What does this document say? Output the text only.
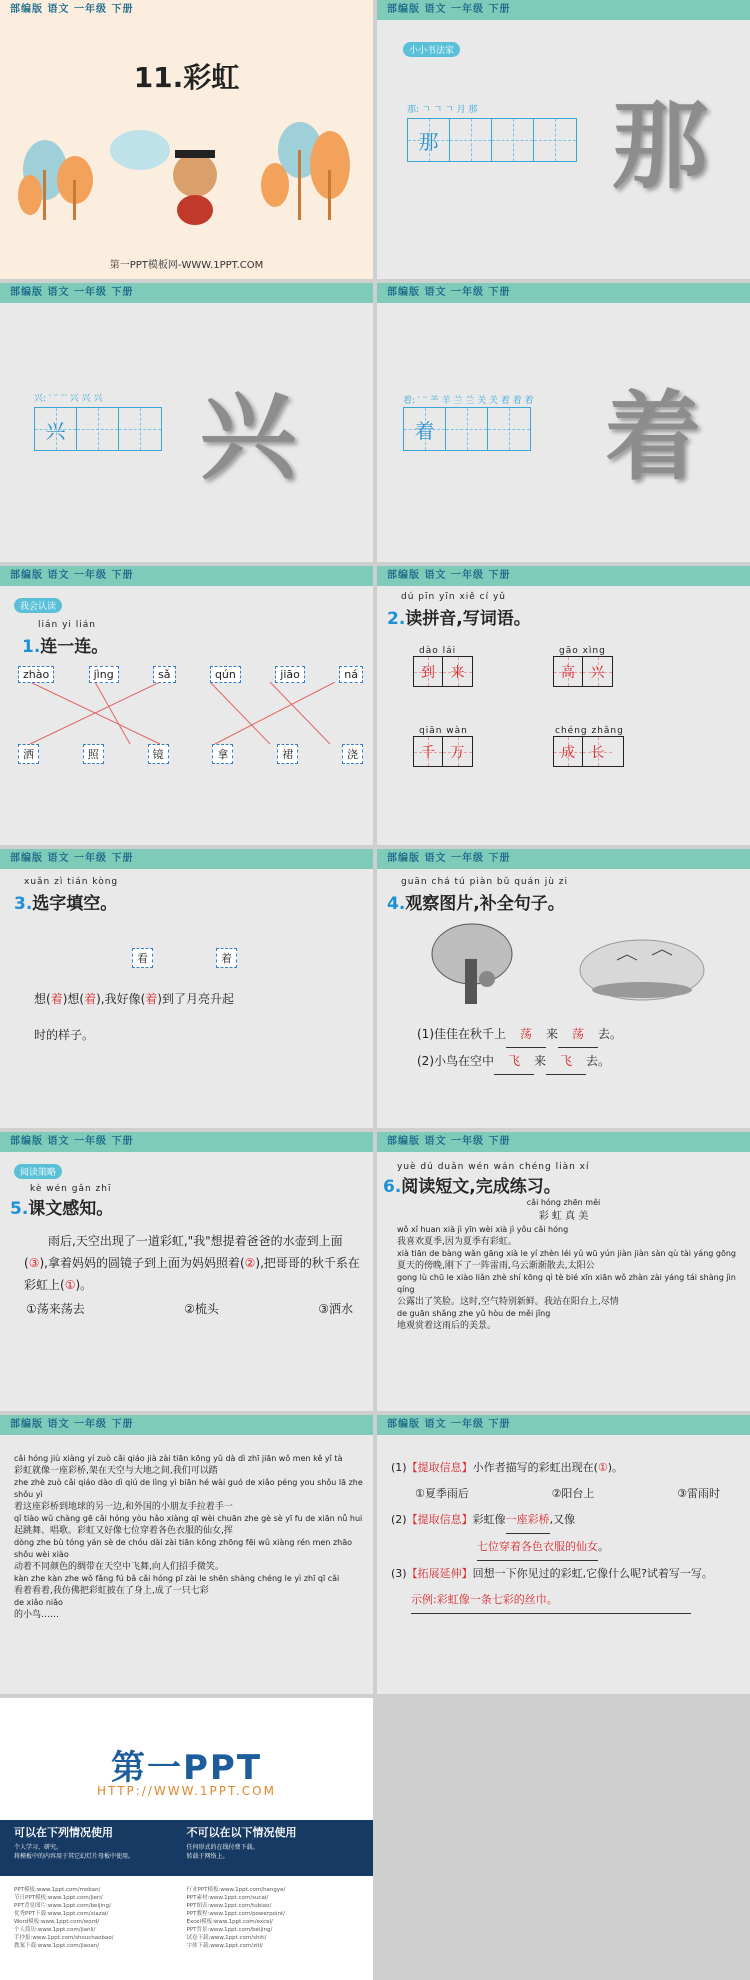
部编版 语文 一年级 下册
11.彩虹
第一PPT模板网-WWW.1PPT.COM
部编版 语文 一年级 下册
小小书法家
那: ㄱ ㄱ ㄱ 月 那
那 那
部编版 语文 一年级 下册
兴: ‵ ‵‵ ‵‵‵ 兴 兴 兴
兴 兴
部编版 语文 一年级 下册
着: ‵ ‵‵ ⺷ 羊 兰 兰 关 关 着 着 着
着 着
部编版 语文 一年级 下册
我会认读
lián yi lián
1.连一连。
zhào	jìng	sǎ	qún	jiāo	ná
洒	照	镜	拿	裙	浇
部编版 语文 一年级 下册
dú pīn yīn xiě cí yǔ
2.读拼音,写词语。
dào lái
到 来
gāo xìng
高 兴
qiān wàn
千 万
chéng zhǎng
成 长
部编版 语文 一年级 下册
xuǎn zì tián kòng
3.选字填空。
看	着
想(着)想(着),我好像(着)到了月亮升起
时的样子。
部编版 语文 一年级 下册
guān chá tú piàn bǔ quán jù zi
4.观察图片,补全句子。
(1)佳佳在秋千上 荡 来 荡 去。
(2)小鸟在空中 飞 来 飞 去。
部编版 语文 一年级 下册
阅读策略
kè wén gǎn zhī
5.课文感知。
雨后,天空出现了一道彩虹,"我"想提着爸爸的水壶到上面(③),拿着妈妈的圆镜子到上面为妈妈照着(②),把哥哥的秋千系在彩虹上(①)。
①荡来荡去	②梳头	③洒水
部编版 语文 一年级 下册
yuè dú duǎn wén wán chéng liàn xí
6.阅读短文,完成练习。
cǎi hóng zhēn měi
彩 虹 真 美
wǒ xǐ huan xià jì yīn wèi xià jì yǒu cǎi hóng
我喜欢夏季,因为夏季有彩虹。
xià tiān de bàng wǎn gāng xià le yí zhèn léi yǔ wū yún jiàn jiàn sàn qù tài yáng gōng
夏天的傍晚,刚下了一阵雷雨,乌云渐渐散去,太阳公
gong lù chū le xiào liǎn zhè shí kōng qì tè bié xīn xiān wǒ zhàn zài yáng tái shàng jìn qíng
公露出了笑脸。这时,空气特别新鲜。我站在阳台上,尽情
de guān shǎng zhe yǔ hòu de měi jǐng
地观赏着这雨后的美景。
部编版 语文 一年级 下册
cǎi hóng jiù xiàng yí zuò cǎi qiáo jià zài tiān kōng yǔ dà dì zhī jiān wǒ men kě yǐ tà
彩虹就像一座彩桥,架在天空与大地之间,我们可以踏
zhe zhè zuò cǎi qiáo dào dì qiú de lìng yì biān hé wài guó de xiǎo péng you shǒu lā zhe shǒu yì
着这座彩桥到地球的另一边,和外国的小朋友手拉着手一
qǐ tiào wǔ chàng gē cǎi hóng yòu hǎo xiàng qī wèi chuān zhe gè sè yī fu de xiān nǚ hui
起跳舞、唱歌。彩虹又好像七位穿着各色衣服的仙女,挥
dòng zhe bù tóng yán sè de chóu dài zài tiān kōng zhōng fēi wǔ xiàng rén men zhāo shǒu wèi xiào
动着不同颜色的绸带在天空中飞舞,向人们招手微笑。
kàn zhe kàn zhe wǒ fǎng fú bǎ cǎi hóng pī zài le shēn shàng chéng le yì zhī qī cǎi
看着看着,我仿佛把彩虹披在了身上,成了一只七彩
de xiǎo niǎo
的小鸟……
部编版 语文 一年级 下册
(1)【提取信息】小作者描写的彩虹出现在(①)。
①夏季雨后	②阳台上	③雷雨时
(2)【提取信息】彩虹像一座彩桥,又像
七位穿着各色衣服的仙女。
(3)【拓展延伸】回想一下你见过的彩虹,它像什么呢?试着写一写。
示例:彩虹像一条七彩的丝巾。
第一PPT
HTTP://WWW.1PPT.COM
可以在下列情况使用
个人学习、研究。
将模板中的内容用于其它幻灯片母板中使用。
不可以在以下情况使用
任何形式的在线付费下载。
转载于网络上。
PPT模板:www.1ppt.com/moban/
节日PPT模板:www.1ppt.com/jieri/
PPT背景图片:www.1ppt.com/beijing/
优秀PPT下载:www.1ppt.com/xiazai/
Word模板:www.1ppt.com/word/
个人简历:www.1ppt.com/jianli/
手抄报:www.1ppt.com/shouchaobao/
教案下载:www.1ppt.com/jiaoan/
行业PPT模板:www.1ppt.com/hangye/
PPT素材:www.1ppt.com/sucai/
PPT图表:www.1ppt.com/tubiao/
PPT教程:www.1ppt.com/powerpoint/
Excel模板:www.1ppt.com/excel/
PPT背景:www.1ppt.com/beijing/
试卷下载:www.1ppt.com/shiti/
字体下载:www.1ppt.com/ziti/
